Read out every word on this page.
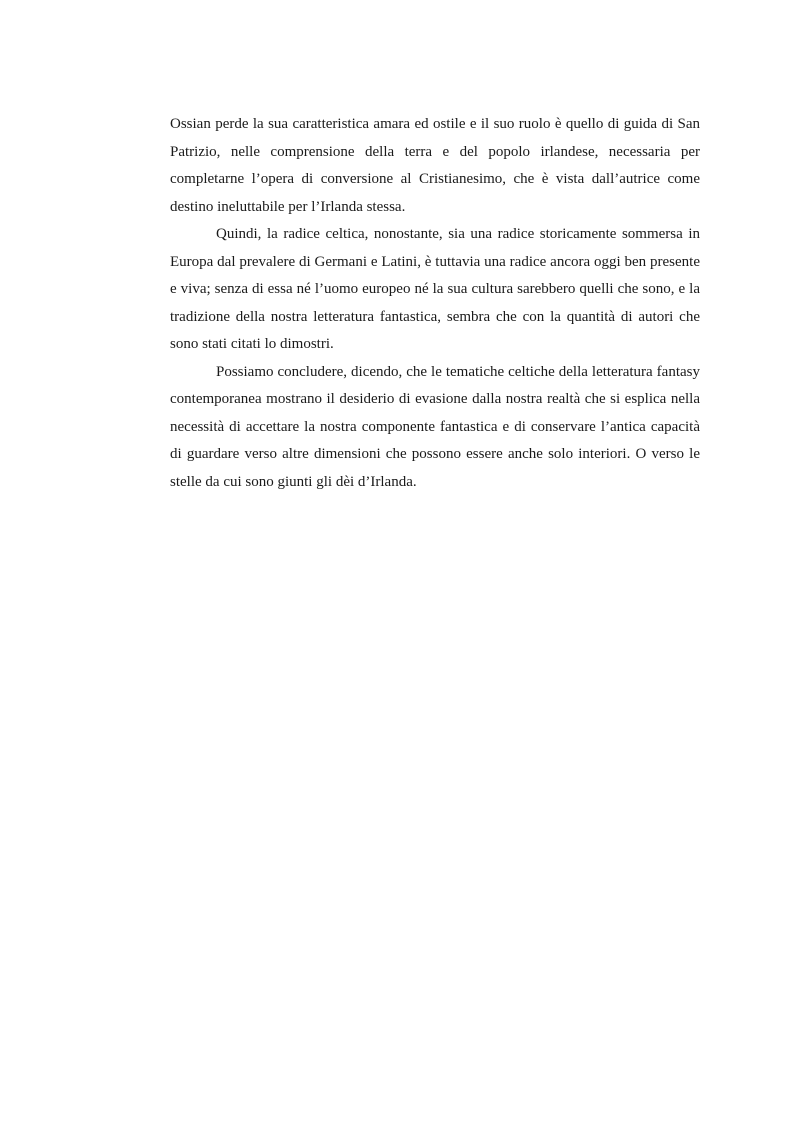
Ossian perde la sua caratteristica amara ed ostile e il suo ruolo è quello di guida di San Patrizio, nelle comprensione della terra e del popolo irlandese, necessaria per completarne l’opera di conversione al Cristianesimo, che è vista dall’autrice come destino ineluttabile per l’Irlanda stessa.

Quindi, la radice celtica, nonostante, sia una radice storicamente sommersa in Europa dal prevalere di Germani e Latini, è tuttavia una radice ancora oggi ben presente e viva; senza di essa né l’uomo europeo né la sua cultura sarebbero quelli che sono, e la tradizione della nostra letteratura fantastica, sembra che con la quantità di autori che sono stati citati lo dimostri.

Possiamo concludere, dicendo, che le tematiche celtiche della letteratura fantasy contemporanea mostrano il desiderio di evasione dalla nostra realtà che si esplica nella necessità di accettare la nostra componente fantastica e di conservare l’antica capacità di guardare verso altre dimensioni che possono essere anche solo interiori. O verso le stelle da cui sono giunti gli dèi d’Irlanda.
